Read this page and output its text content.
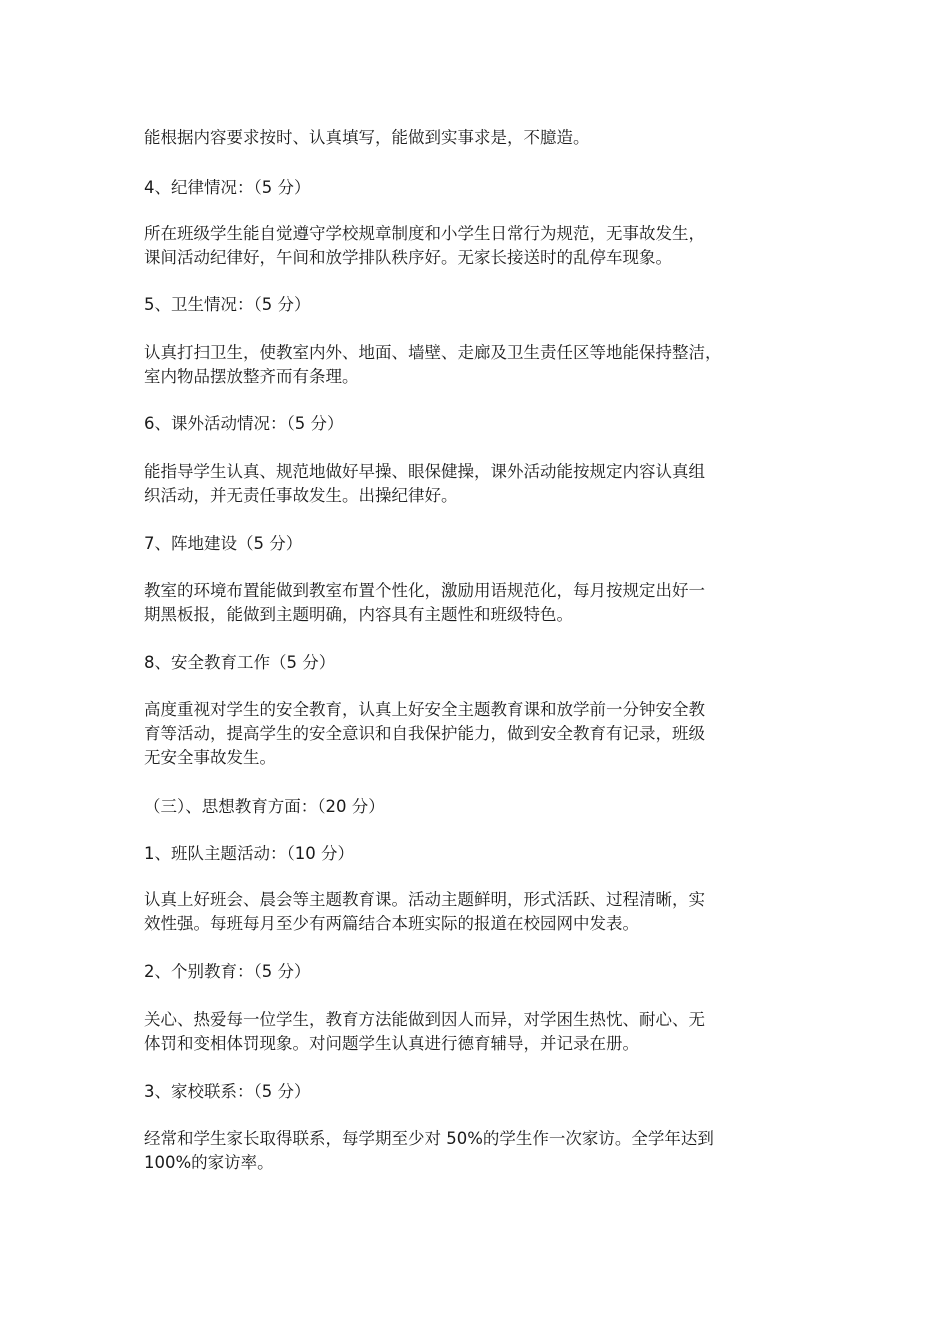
能根据内容要求按时、认真填写，能做到实事求是，不臆造。
4、纪律情况：（5 分）
所在班级学生能自觉遵守学校规章制度和小学生日常行为规范，无事故发生，
课间活动纪律好，午间和放学排队秩序好。无家长接送时的乱停车现象。
5、卫生情况：（5 分）
认真打扫卫生，使教室内外、地面、墙壁、走廊及卫生责任区等地能保持整洁，
室内物品摆放整齐而有条理。
6、课外活动情况：（5 分）
能指导学生认真、规范地做好早操、眼保健操，课外活动能按规定内容认真组
织活动，并无责任事故发生。出操纪律好。
7、阵地建设（5 分）
教室的环境布置能做到教室布置个性化，激励用语规范化，每月按规定出好一
期黑板报，能做到主题明确，内容具有主题性和班级特色。
8、安全教育工作（5 分）
高度重视对学生的安全教育，认真上好安全主题教育课和放学前一分钟安全教
育等活动，提高学生的安全意识和自我保护能力，做到安全教育有记录，班级
无安全事故发生。
（三）、思想教育方面：（20 分）
1、班队主题活动：（10 分）
认真上好班会、晨会等主题教育课。活动主题鲜明，形式活跃、过程清晰，实
效性强。每班每月至少有两篇结合本班实际的报道在校园网中发表。
2、个别教育：（5 分）
关心、热爱每一位学生，教育方法能做到因人而异，对学困生热忱、耐心、无
体罚和变相体罚现象。对问题学生认真进行德育辅导，并记录在册。
3、家校联系：（5 分）
经常和学生家长取得联系，每学期至少对 50%的学生作一次家访。全学年达到
100%的家访率。
